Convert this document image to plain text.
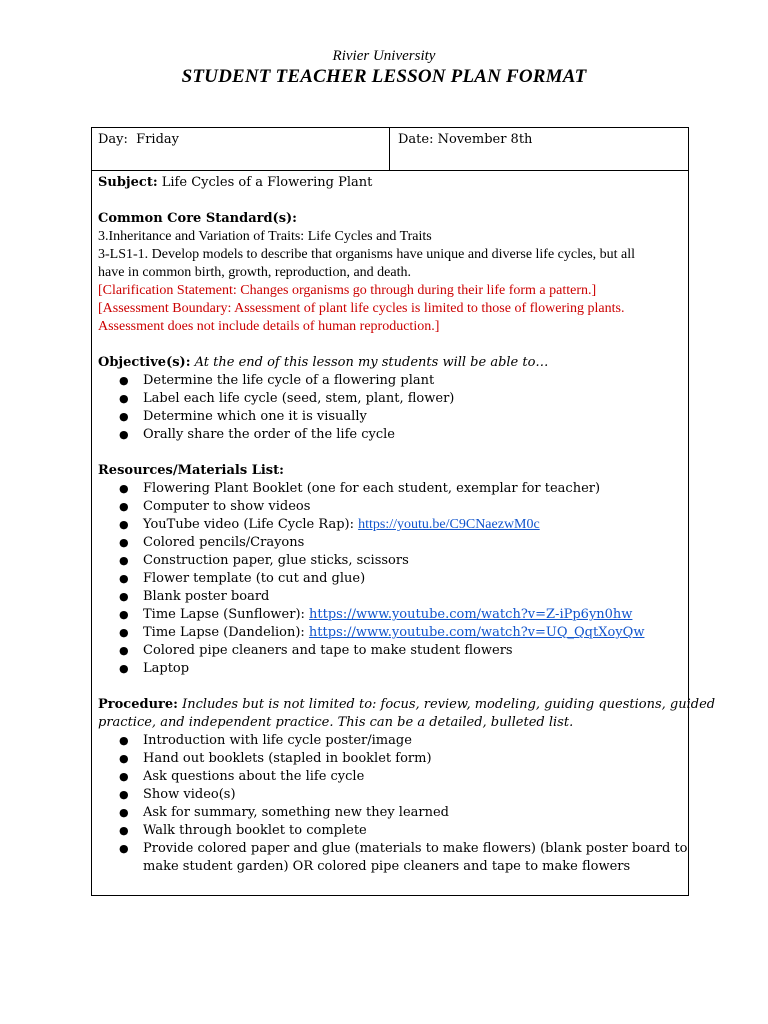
Rivier University
STUDENT TEACHER LESSON PLAN FORMAT
Day: Friday	Date: November 8th
Subject: Life Cycles of a Flowering Plant
Common Core Standard(s):
3.Inheritance and Variation of Traits: Life Cycles and Traits
3-LS1-1. Develop models to describe that organisms have unique and diverse life cycles, but all
have in common birth, growth, reproduction, and death.
[Clarification Statement: Changes organisms go through during their life form a pattern.]
[Assessment Boundary: Assessment of plant life cycles is limited to those of flowering plants.
Assessment does not include details of human reproduction.]
Objective(s): At the end of this lesson my students will be able to…
● Determine the life cycle of a flowering plant
● Label each life cycle (seed, stem, plant, flower)
● Determine which one it is visually
● Orally share the order of the life cycle
Resources/Materials List:
● Flowering Plant Booklet (one for each student, exemplar for teacher)
● Computer to show videos
● YouTube video (Life Cycle Rap): https://youtu.be/C9CNaezwM0c
● Colored pencils/Crayons
● Construction paper, glue sticks, scissors
● Flower template (to cut and glue)
● Blank poster board
● Time Lapse (Sunflower): https://www.youtube.com/watch?v=Z-iPp6yn0hw
● Time Lapse (Dandelion): https://www.youtube.com/watch?v=UQ_QqtXoyQw
● Colored pipe cleaners and tape to make student flowers
● Laptop
Procedure: Includes but is not limited to: focus, review, modeling, guiding questions, guided
practice, and independent practice. This can be a detailed, bulleted list.
● Introduction with life cycle poster/image
● Hand out booklets (stapled in booklet form)
● Ask questions about the life cycle
● Show video(s)
● Ask for summary, something new they learned
● Walk through booklet to complete
● Provide colored paper and glue (materials to make flowers) (blank poster board to
make student garden) OR colored pipe cleaners and tape to make flowers
